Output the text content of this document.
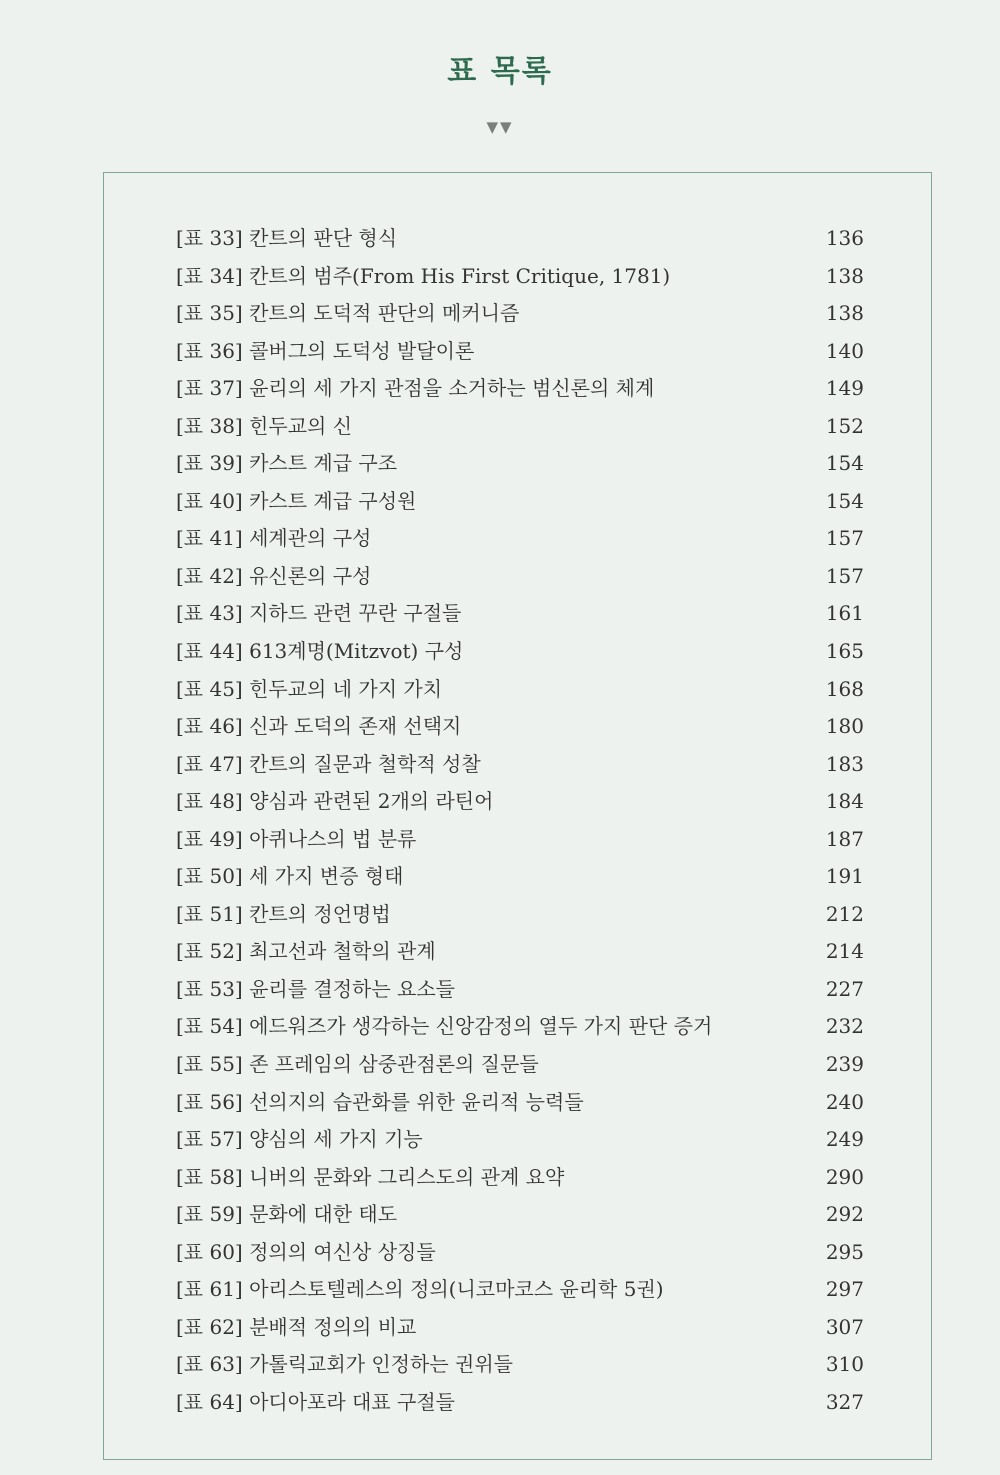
표 목록
▼▼
[표 33] 칸트의 판단 형식	136
[표 34] 칸트의 범주(From His First Critique, 1781)	138
[표 35] 칸트의 도덕적 판단의 메커니즘	138
[표 36] 콜버그의 도덕성 발달이론	140
[표 37] 윤리의 세 가지 관점을 소거하는 범신론의 체계	149
[표 38] 힌두교의 신	152
[표 39] 카스트 계급 구조	154
[표 40] 카스트 계급 구성원	154
[표 41] 세계관의 구성	157
[표 42] 유신론의 구성	157
[표 43] 지하드 관련 꾸란 구절들	161
[표 44] 613계명(Mitzvot) 구성	165
[표 45] 힌두교의 네 가지 가치	168
[표 46] 신과 도덕의 존재 선택지	180
[표 47] 칸트의 질문과 철학적 성찰	183
[표 48] 양심과 관련된 2개의 라틴어	184
[표 49] 아퀴나스의 법 분류	187
[표 50] 세 가지 변증 형태	191
[표 51] 칸트의 정언명법	212
[표 52] 최고선과 철학의 관계	214
[표 53] 윤리를 결정하는 요소들	227
[표 54] 에드워즈가 생각하는 신앙감정의 열두 가지 판단 증거	232
[표 55] 존 프레임의 삼중관점론의 질문들	239
[표 56] 선의지의 습관화를 위한 윤리적 능력들	240
[표 57] 양심의 세 가지 기능	249
[표 58] 니버의 문화와 그리스도의 관계 요약	290
[표 59] 문화에 대한 태도	292
[표 60] 정의의 여신상 상징들	295
[표 61] 아리스토텔레스의 정의(니코마코스 윤리학 5권)	297
[표 62] 분배적 정의의 비교	307
[표 63] 가톨릭교회가 인정하는 권위들	310
[표 64] 아디아포라 대표 구절들	327
